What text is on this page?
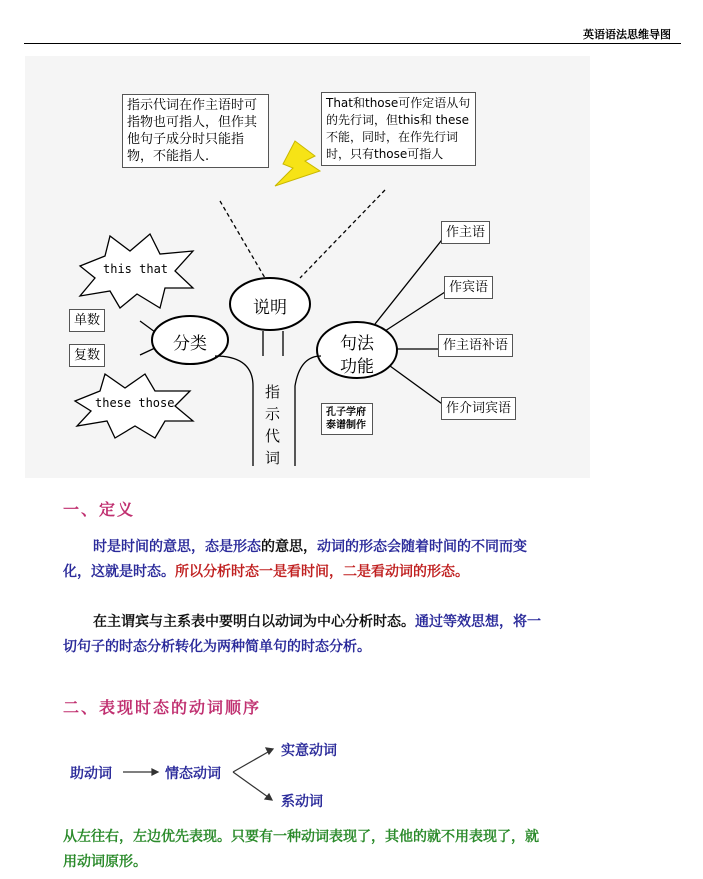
英语语法思维导图
指示代词在作主语时可指物也可指人，但作其他句子成分时只能指物，不能指人.
That和those可作定语从句的先行词，但this和 these不能，同时，在作先行词时，只有those可指人
说明
分类	句法
功能
this that
these those
单数
复数
指示代词
作主语
作宾语
作主语补语
作介词宾语
孔子学府 泰谱制作
一、定义
时是时间的意思，态是形态的意思，动词的形态会随着时间的不同而变化，这就是时态。所以分析时态一是看时间，二是看动词的形态。
在主谓宾与主系表中要明白以动词为中心分析时态。通过等效思想，将一切句子的时态分析转化为两种简单句的时态分析。
二、表现时态的动词顺序
助动词	情态动词
实意动词
系动词
从左往右，左边优先表现。只要有一种动词表现了，其他的就不用表现了，就用动词原形。
